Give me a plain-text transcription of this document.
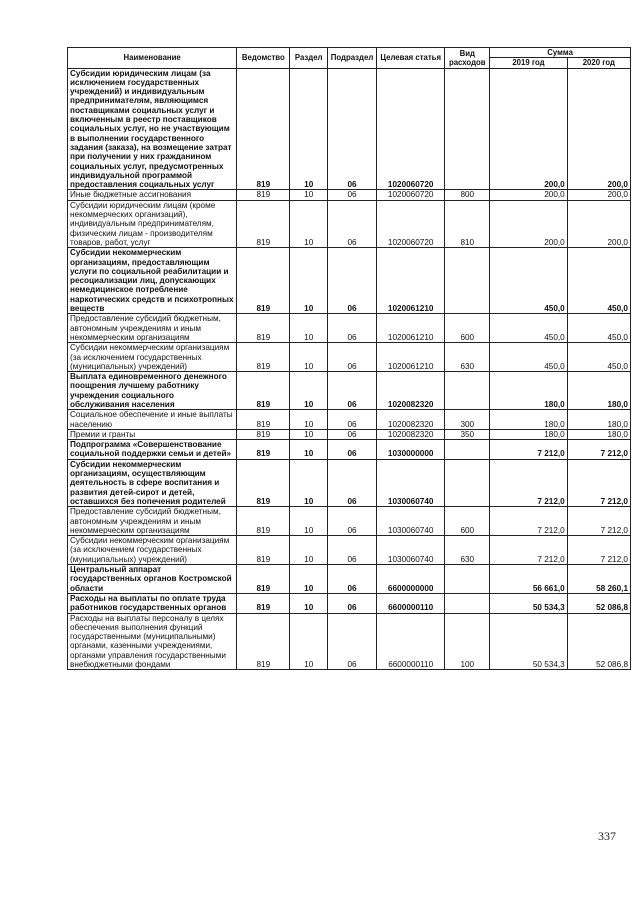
Наименование	Ведомство	Раздел	Подраздел	Целевая статья	Вид расходов	Сумма	
						2019 год	2020 год
Субсидии юридическим лицам (за исключением государственных учреждений) и индивидуальным предпринимателям, являющимся поставщиками социальных услуг и включенным в реестр поставщиков социальных услуг, но не участвующим в выполнении государственного задания (заказа), на возмещение затрат при получении у них гражданином социальных услуг, предусмотренных индивидуальной программой предоставления социальных услуг	819	10	06	1020060720		200,0	200,0
Иные бюджетные ассигнования	819	10	06	1020060720	800	200,0	200,0
Субсидии юридическим лицам (кроме некоммерческих организаций), индивидуальным предпринимателям, физическим лицам - производителям товаров, работ, услуг	819	10	06	1020060720	810	200,0	200,0
Субсидии некоммерческим организациям, предоставляющим услуги по социальной реабилитации и ресоциализации лиц, допускающих немедицинское потребление наркотических средств и психотропных веществ	819	10	06	1020061210		450,0	450,0
Предоставление субсидий бюджетным, автономным учреждениям и иным некоммерческим организациям	819	10	06	1020061210	600	450,0	450,0
Субсидии некоммерческим организациям (за исключением государственных (муниципальных) учреждений)	819	10	06	1020061210	630	450,0	450,0
Выплата единовременного денежного поощрения лучшему работнику учреждения социального обслуживания населения	819	10	06	1020082320		180,0	180,0
Социальное обеспечение и иные выплаты населению	819	10	06	1020082320	300	180,0	180,0
Премии и гранты	819	10	06	1020082320	350	180,0	180,0
Подпрограмма «Совершенствование социальной поддержки семьи и детей»	819	10	06	1030000000		7 212,0	7 212,0
Субсидии некоммерческим организациям, осуществляющим деятельность в сфере воспитания и развития детей-сирот и детей, оставшихся без попечения родителей	819	10	06	1030060740		7 212,0	7 212,0
Предоставление субсидий бюджетным, автономным учреждениям и иным некоммерческим организациям	819	10	06	1030060740	600	7 212,0	7 212,0
Субсидии некоммерческим организациям (за исключением государственных (муниципальных) учреждений)	819	10	06	1030060740	630	7 212,0	7 212,0
Центральный аппарат государственных органов Костромской области	819	10	06	6600000000		56 661,0	58 260,1
Расходы на выплаты по оплате труда работников государственных органов	819	10	06	6600000110		50 534,3	52 086,8
Расходы на выплаты персоналу в целях обеспечения выполнения функций государственными (муниципальными) органами, казенными учреждениями, органами управления государственными внебюджетными фондами	819	10	06	6600000110	100	50 534,3	52 086,8
337
